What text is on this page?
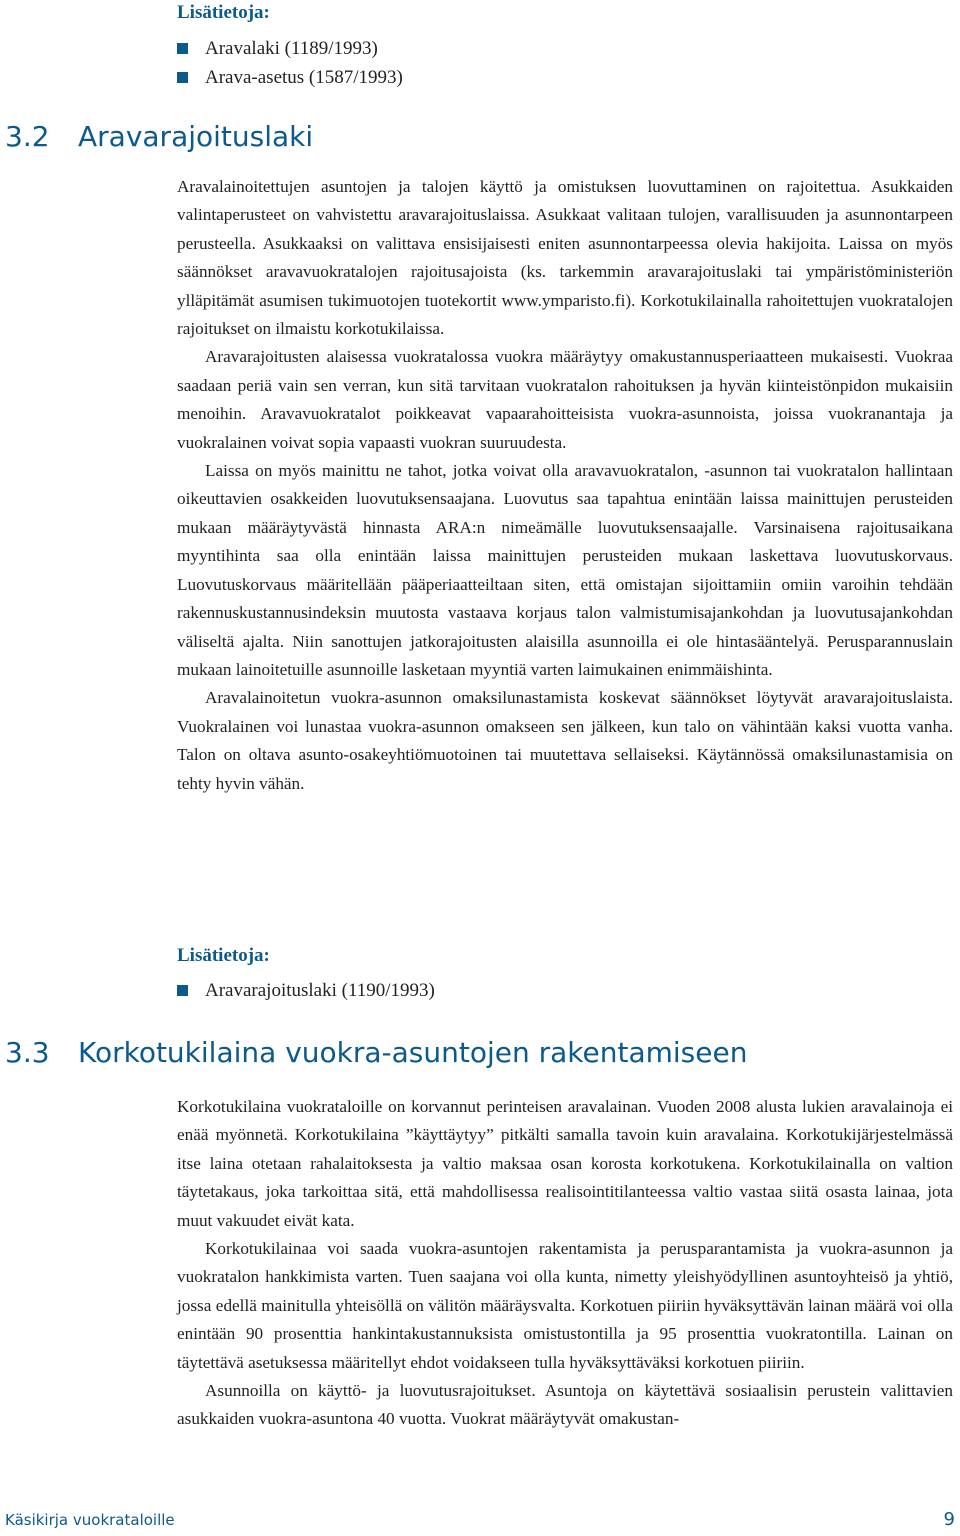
Lisätietoja:
Aravalaki (1189/1993)
Arava-asetus (1587/1993)
3.2 Aravarajoituslaki

Aravalainoitettujen asuntojen ja talojen käyttö ja omistuksen luovuttaminen on rajoitettua. Asukkaiden valintaperusteet on vahvistettu aravarajoituslaissa. Asukkaat valitaan tulojen, varallisuuden ja asunnontarpeen perusteella. Asukkaaksi on valittava ensisijaisesti eniten asunnontarpeessa olevia hakijoita. Laissa on myös säännökset aravavuokratalojen rajoitusajoista (ks. tarkemmin aravarajoituslaki tai ympäristöministeriön ylläpitämät asumisen tukimuotojen tuotekortit www.ymparisto.fi). Korkotukilainalla rahoitettujen vuokratalojen rajoitukset on ilmaistu korkotukilaissa.

Aravarajoitusten alaisessa vuokratalossa vuokra määräytyy omakustannusperiaatteen mukaisesti. Vuokraa saadaan periä vain sen verran, kun sitä tarvitaan vuokratalon rahoituksen ja hyvän kiinteistönpidon mukaisiin menoihin. Aravavuokratalot poikkeavat vapaarahoitteisista vuokra-asunnoista, joissa vuokranantaja ja vuokralainen voivat sopia vapaasti vuokran suuruudesta.

Laissa on myös mainittu ne tahot, jotka voivat olla aravavuokratalon, -asunnon tai vuokratalon hallintaan oikeuttavien osakkeiden luovutuksensaajana. Luovutus saa tapahtua enintään laissa mainittujen perusteiden mukaan määräytyvästä hinnasta ARA:n nimeämälle luovutuksensaajalle. Varsinaisena rajoitusaikana myyntihinta saa olla enintään laissa mainittujen perusteiden mukaan laskettava luovutuskorvaus. Luovutuskorvaus määritellään pääperiaatteiltaan siten, että omistajan sijoittamiin omiin varoihin tehdään rakennuskustannusindeksin muutosta vastaava korjaus talon valmistumisajankohdan ja luovutusajankohdan väliseltä ajalta. Niin sanottujen jatkorajoitusten alaisilla asunnoilla ei ole hintasääntelyä. Perusparannuslain mukaan lainoitetuille asunnoille lasketaan myyntiä varten laimukainen enimmäishinta.

Aravalainoitetun vuokra-asunnon omaksilunastamista koskevat säännökset löytyvät aravarajoituslaista. Vuokralainen voi lunastaa vuokra-asunnon omakseen sen jälkeen, kun talo on vähintään kaksi vuotta vanha. Talon on oltava asunto-osakeyhtiömuotoinen tai muutettava sellaiseksi. Käytännössä omaksilunastamisia on tehty hyvin vähän.

Lisätietoja:
Aravarajoituslaki (1190/1993)
3.3 Korkotukilaina vuokra-asuntojen rakentamiseen

Korkotukilaina vuokrataloille on korvannut perinteisen aravalainan. Vuoden 2008 alusta lukien aravalainoja ei enää myönnetä. Korkotukilaina ”käyttäytyy” pitkälti samalla tavoin kuin aravalaina. Korkotukijärjestelmässä itse laina otetaan rahalaitoksesta ja valtio maksaa osan korosta korkotukena. Korkotukilainalla on valtion täytetakaus, joka tarkoittaa sitä, että mahdollisessa realisointitilanteessa valtio vastaa siitä osasta lainaa, jota muut vakuudet eivät kata.

Korkotukilainaa voi saada vuokra-asuntojen rakentamista ja perusparantamista ja vuokra-asunnon ja vuokratalon hankkimista varten. Tuen saajana voi olla kunta, nimetty yleishyödyllinen asuntoyhteisö ja yhtiö, jossa edellä mainitulla yhteisöllä on välitön määräysvalta. Korkotuen piiriin hyväksyttävän lainan määrä voi olla enintään 90 prosenttia hankintakustannuksista omistustontilla ja 95 prosenttia vuokratontilla. Lainan on täytettävä asetuksessa määritellyt ehdot voidakseen tulla hyväksyttäväksi korkotuen piiriin.

Asunnoilla on käyttö- ja luovutusrajoitukset. Asuntoja on käytettävä sosiaalisin perustein valittavien asukkaiden vuokra-asuntona 40 vuotta. Vuokrat määräytyvät omakustan-

Käsikirja vuokrataloille	9
